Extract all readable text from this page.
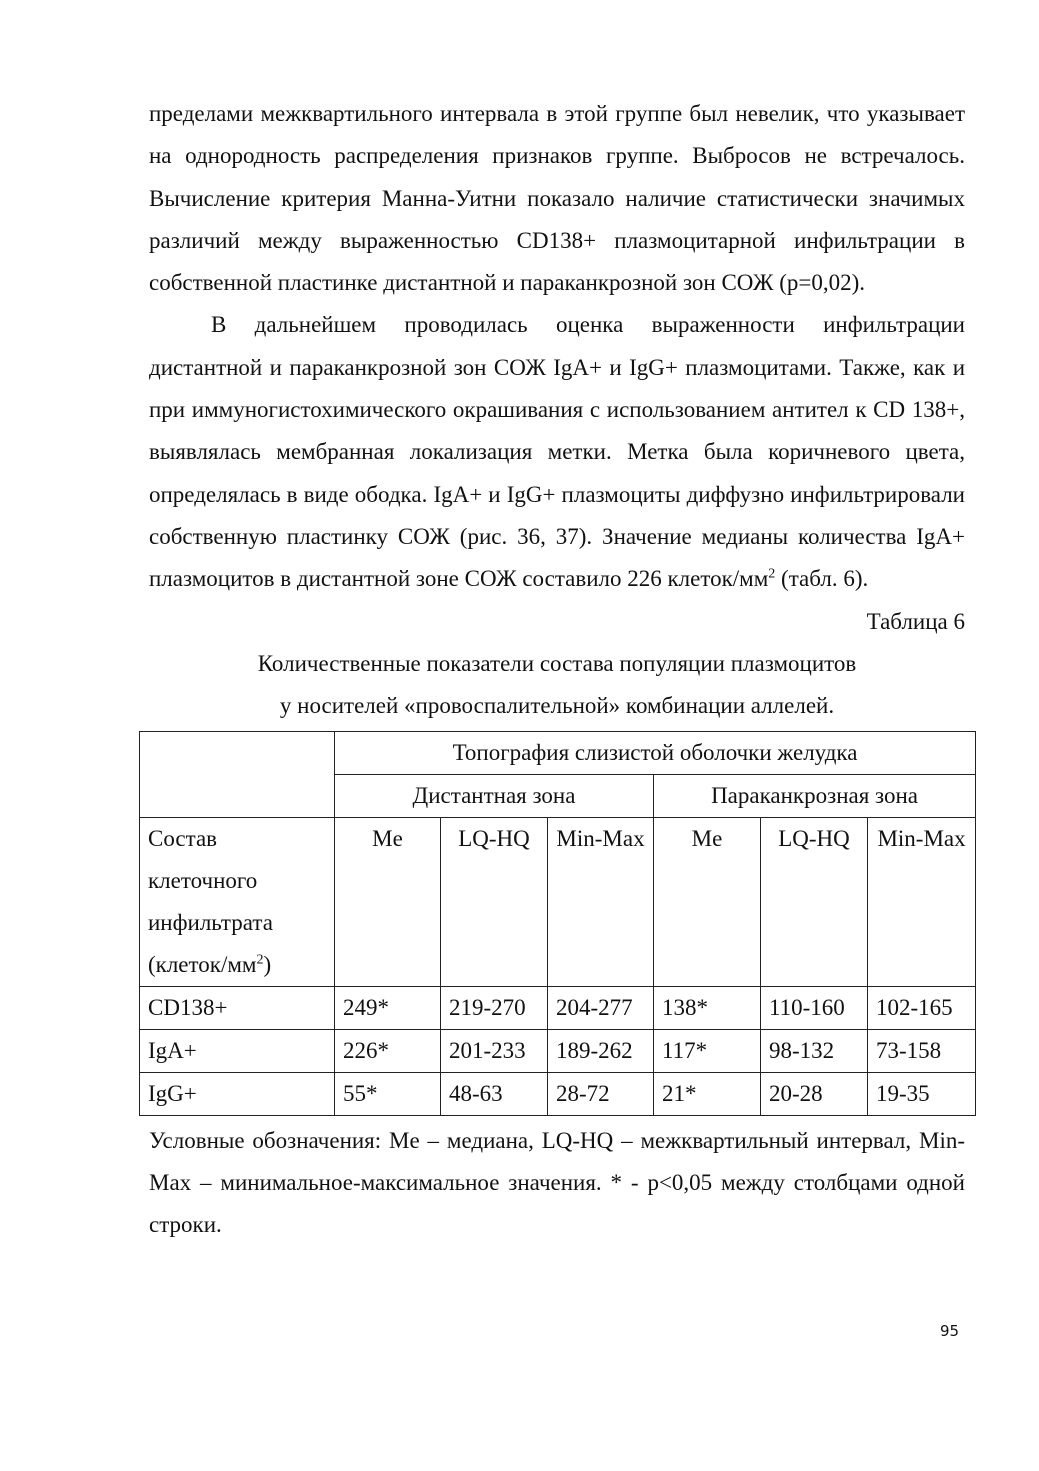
пределами межквартильного интервала в этой группе был невелик, что указывает на однородность распределения признаков группе. Выбросов не встречалось. Вычисление критерия Манна-Уитни показало наличие статистически значимых различий между выраженностью CD138+ плазмоцитарной инфильтрации в собственной пластинке дистантной и параканкрозной зон СОЖ (р=0,02).

В дальнейшем проводилась оценка выраженности инфильтрации дистантной и параканкрозной зон СОЖ IgA+ и IgG+ плазмоцитами. Также, как и при иммуногистохимического окрашивания с использованием антител к CD 138+, выявлялась мембранная локализация метки. Метка была коричневого цвета, определялась в виде ободка. IgA+ и IgG+ плазмоциты диффузно инфильтрировали собственную пластинку СОЖ (рис. 36, 37). Значение медианы количества IgA+ плазмоцитов в дистантной зоне СОЖ составило 226 клеток/$мм^2$ (табл. 6).

Таблица 6

Количественные показатели состава популяции плазмоцитов

у носителей «провоспалительной» комбинации аллелей.

	Топография слизистой оболочки желудка					
	Дистантная зона			Параканкрозная зона		
Состав клеточного инфильтрата $(клеток/мм^2)$	Me	LQ-HQ	Min-Max	Me	LQ-HQ	Min-Max
CD138+	249*	219-270	204-277	138*	110-160	102-165
IgA+	226*	201-233	189-262	117*	98-132	73-158
IgG+	55*	48-63	28-72	21*	20-28	19-35

Условные обозначения: Me – медиана, LQ-HQ – межквартильный интервал, Min-Max – минимальное-максимальное значения. * - р<0,05 между столбцами одной строки.

95
